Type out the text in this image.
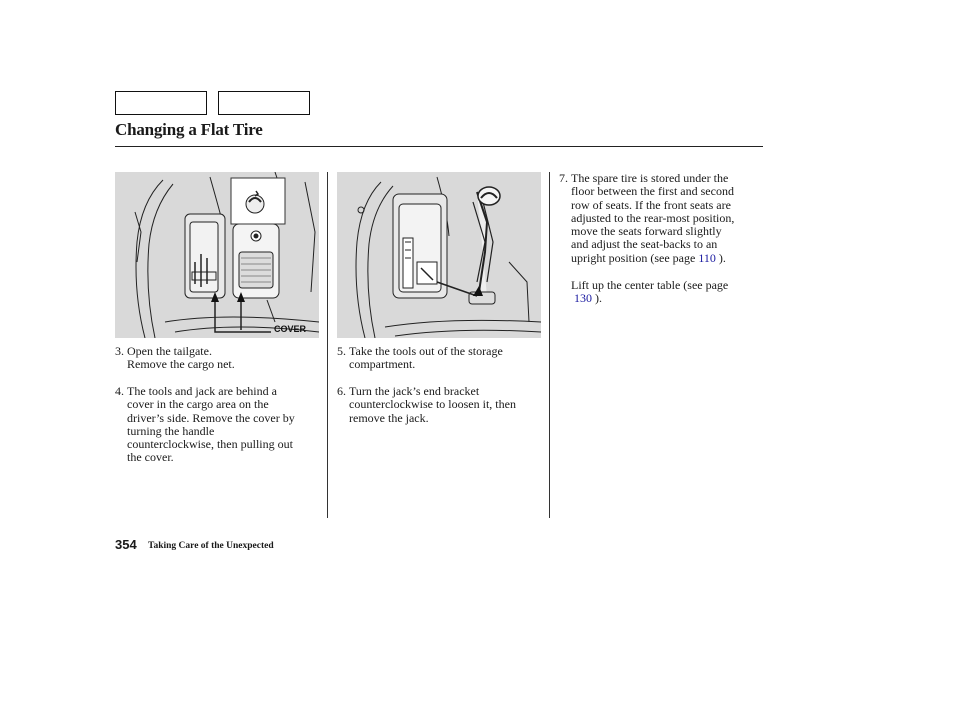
Changing a Flat Tire
COVER
3. Open the tailgate.
Remove the cargo net.
4. The tools and jack are behind a
cover in the cargo area on the
driver’s side. Remove the cover by
turning the handle
counterclockwise, then pulling out
the cover.
5. Take the tools out of the storage
compartment.
6. Turn the jack’s end bracket
counterclockwise to loosen it, then
remove the jack.
7. The spare tire is stored under the
floor between the first and second
row of seats. If the front seats are
adjusted to the rear-most position,
move the seats forward slightly
and adjust the seat-backs to an
upright position (see page 110 ).
Lift up the center table (see page
130 ).
354 Taking Care of the Unexpected
